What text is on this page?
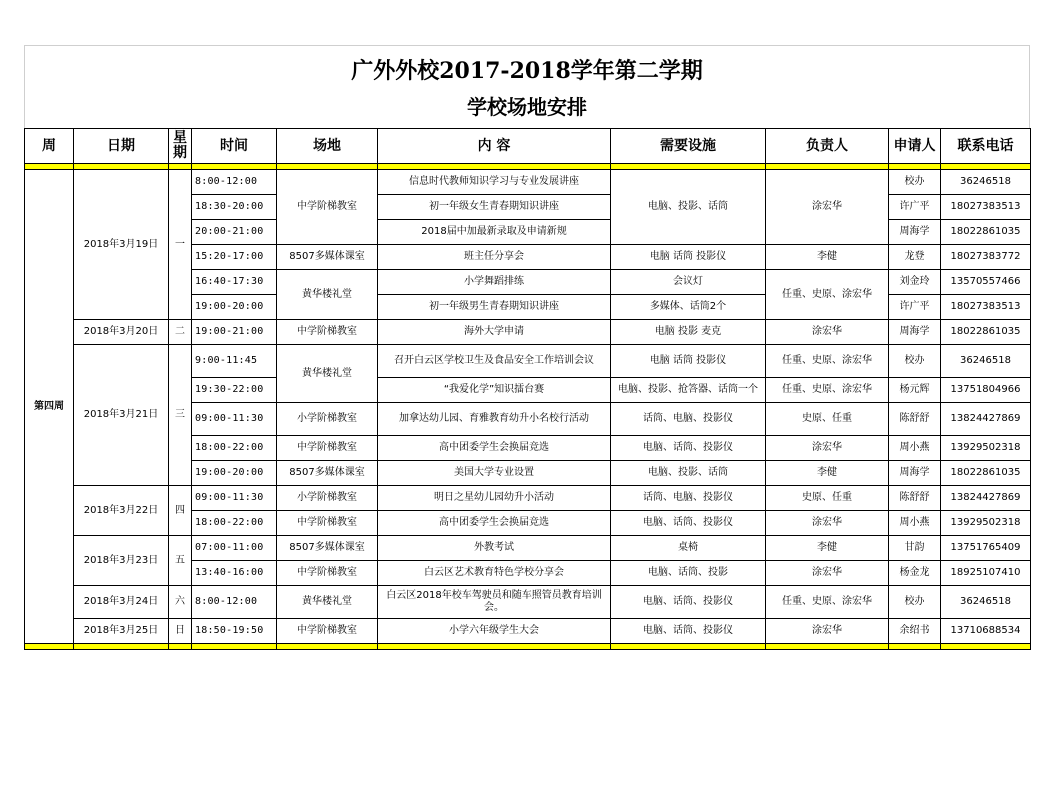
广外外校2017-2018学年第二学期
学校场地安排
周	日期	星期	时间	场地	内 容	需要设施	负责人	申请人	联系电话

第四周	2018年3月19日	一	8:00-12:00	中学阶梯教室	信息时代教师知识学习与专业发展讲座	电脑、投影、话筒	涂宏华	校办	36246518
			18:30-20:00		初一年级女生青春期知识讲座			许广平	18027383513
			20:00-21:00		2018届中加最新录取及申请新规			周海学	18022861035
			15:20-17:00	8507多媒体课室	班主任分享会	电脑 话筒 投影仪	李健	龙登	18027383772
			16:40-17:30	黄华楼礼堂	小学舞蹈排练	会议灯	任重、史原、涂宏华	刘金玲	13570557466
			19:00-20:00		初一年级男生青春期知识讲座	多媒体、话筒2个		许广平	18027383513
	2018年3月20日	二	19:00-21:00	中学阶梯教室	海外大学申请	电脑 投影 麦克	涂宏华	周海学	18022861035
	2018年3月21日	三	9:00-11:45	黄华楼礼堂	召开白云区学校卫生及食品安全工作培训会议	电脑 话筒 投影仪	任重、史原、涂宏华	校办	36246518
			19:30-22:00		“我爱化学”知识擂台赛	电脑、投影、抢答器、话筒一个	任重、史原、涂宏华	杨元辉	13751804966
			09:00-11:30	小学阶梯教室	加拿达幼儿园、育雅教育幼升小名校行活动	话筒、电脑、投影仪	史原、任重	陈舒舒	13824427869
			18:00-22:00	中学阶梯教室	高中团委学生会换届竞选	电脑、话筒、投影仪	涂宏华	周小燕	13929502318
			19:00-20:00	8507多媒体课室	美国大学专业设置	电脑、投影、话筒	李健	周海学	18022861035
	2018年3月22日	四	09:00-11:30	小学阶梯教室	明日之星幼儿园幼升小活动	话筒、电脑、投影仪	史原、任重	陈舒舒	13824427869
			18:00-22:00	中学阶梯教室	高中团委学生会换届竞选	电脑、话筒、投影仪	涂宏华	周小燕	13929502318
	2018年3月23日	五	07:00-11:00	8507多媒体课室	外教考试	桌椅	李健	甘韵	13751765409
			13:40-16:00	中学阶梯教室	白云区艺术教育特色学校分享会	电脑、话筒、投影	涂宏华	杨金龙	18925107410
	2018年3月24日	六	8:00-12:00	黄华楼礼堂	白云区2018年校车驾驶员和随车照管员教育培训会。	电脑、话筒、投影仪	任重、史原、涂宏华	校办	36246518
	2018年3月25日	日	18:50-19:50	中学阶梯教室	小学六年级学生大会	电脑、话筒、投影仪	涂宏华	余绍书	13710688534
